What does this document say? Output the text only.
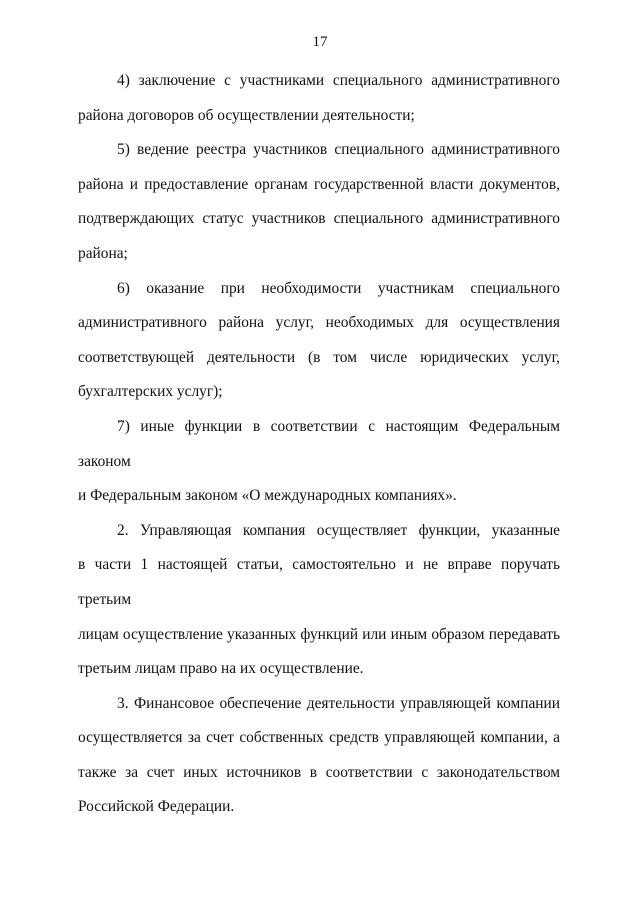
17
4) заключение с участниками специального административного
района договоров об осуществлении деятельности;
5) ведение реестра участников специального административного
района и предоставление органам государственной власти документов,
подтверждающих статус участников специального административного
района;
6) оказание при необходимости участникам специального
административного района услуг, необходимых для осуществления
соответствующей деятельности (в том числе юридических услуг,
бухгалтерских услуг);
7) иные функции в соответствии с настоящим Федеральным законом
и Федеральным законом «О международных компаниях».
2. Управляющая компания осуществляет функции, указанные
в части 1 настоящей статьи, самостоятельно и не вправе поручать третьим
лицам осуществление указанных функций или иным образом передавать
третьим лицам право на их осуществление.
3. Финансовое обеспечение деятельности управляющей компании
осуществляется за счет собственных средств управляющей компании, а
также за счет иных источников в соответствии с законодательством
Российской Федерации.
